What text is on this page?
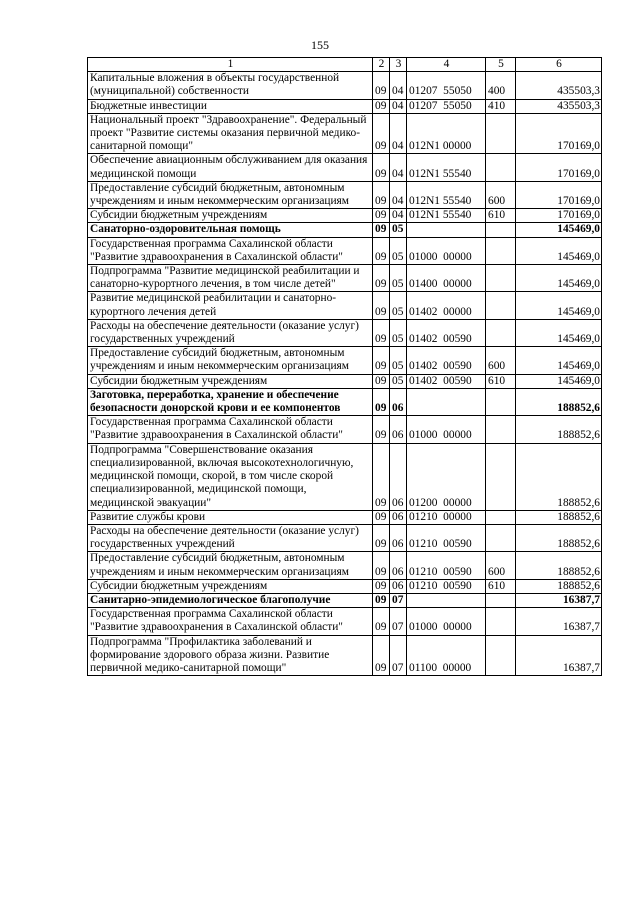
155
1	2	3	4	5	6
Капитальные вложения в объекты государственной (муниципальной) собственности	09	04	01207  55050	400	435503,3
Бюджетные инвестиции	09	04	01207  55050	410	435503,3
Национальный проект "Здравоохранение". Федеральный проект "Развитие системы оказания первичной медико-санитарной помощи"	09	04	012N1 00000		170169,0
Обеспечение авиационным обслуживанием для оказания медицинской помощи	09	04	012N1 55540		170169,0
Предоставление субсидий бюджетным, автономным учреждениям и иным некоммерческим организациям	09	04	012N1 55540	600	170169,0
Субсидии бюджетным учреждениям	09	04	012N1 55540	610	170169,0
Санаторно-оздоровительная помощь	09	05			145469,0
Государственная программа Сахалинской области "Развитие здравоохранения в Сахалинской области"	09	05	01000  00000		145469,0
Подпрограмма "Развитие медицинской реабилитации и санаторно-курортного лечения, в том числе детей"	09	05	01400  00000		145469,0
Развитие медицинской реабилитации и санаторно-курортного лечения детей	09	05	01402  00000		145469,0
Расходы на обеспечение деятельности (оказание услуг) государственных учреждений	09	05	01402  00590		145469,0
Предоставление субсидий бюджетным, автономным учреждениям и иным некоммерческим организациям	09	05	01402  00590	600	145469,0
Субсидии бюджетным учреждениям	09	05	01402  00590	610	145469,0
Заготовка, переработка, хранение и обеспечение безопасности донорской крови и ее компонентов	09	06			188852,6
Государственная программа Сахалинской области "Развитие здравоохранения в Сахалинской области"	09	06	01000  00000		188852,6
Подпрограмма "Совершенствование оказания специализированной, включая высокотехнологичную, медицинской помощи, скорой, в том числе скорой специализированной, медицинской помощи, медицинской эвакуации"	09	06	01200  00000		188852,6
Развитие службы крови	09	06	01210  00000		188852,6
Расходы на обеспечение деятельности (оказание услуг) государственных учреждений	09	06	01210  00590		188852,6
Предоставление субсидий бюджетным, автономным учреждениям и иным некоммерческим организациям	09	06	01210  00590	600	188852,6
Субсидии бюджетным учреждениям	09	06	01210  00590	610	188852,6
Санитарно-эпидемиологическое благополучие	09	07			16387,7
Государственная программа Сахалинской области "Развитие здравоохранения в Сахалинской области"	09	07	01000  00000		16387,7
Подпрограмма "Профилактика заболеваний и формирование здорового образа жизни. Развитие первичной медико-санитарной помощи"	09	07	01100  00000		16387,7
